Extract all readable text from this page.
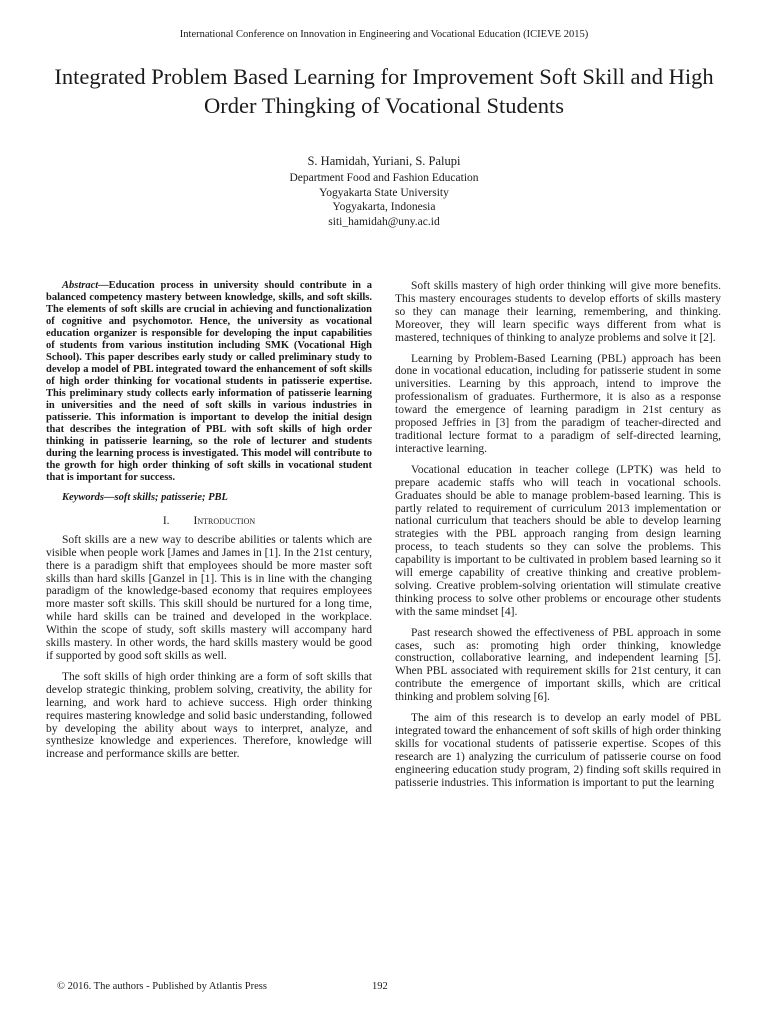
International Conference on Innovation in Engineering and Vocational Education (ICIEVE 2015)
Integrated Problem Based Learning for Improvement Soft Skill and High Order Thingking of Vocational Students
S. Hamidah, Yuriani, S. Palupi
Department Food and Fashion Education
Yogyakarta State University
Yogyakarta, Indonesia
siti_hamidah@uny.ac.id

Abstract—Education process in university should contribute in a balanced competency mastery between knowledge, skills, and soft skills. The elements of soft skills are crucial in achieving and functionalization of cognitive and psychomotor. Hence, the university as vocational education organizer is responsible for developing the input capabilities of students from various institution including SMK (Vocational High School). This paper describes early study or called preliminary study to develop a model of PBL integrated toward the enhancement of soft skills of high order thinking for vocational students in patisserie expertise. This preliminary study collects early information of patisserie learning in universities and the need of soft skills in various industries in patisserie. This information is important to develop the initial design that describes the integration of PBL with soft skills of high order thinking in patisserie learning, so the role of lecturer and students during the learning process is investigated. This model will contribute to the growth for high order thinking of soft skills in vocational student that is important for success.

Keywords—soft skills; patisserie; PBL

I. Introduction

Soft skills are a new way to describe abilities or talents which are visible when people work [James and James in [1]. In the 21st century, there is a paradigm shift that employees should be more master soft skills than hard skills [Ganzel in [1]. This is in line with the changing paradigm of the knowledge-based economy that requires employees more master soft skills. This skill should be nurtured for a long time, while hard skills can be trained and developed in the workplace. Within the scope of study, soft skills mastery will accompany hard skills mastery. In other words, the hard skills mastery would be good if supported by good soft skills as well.

The soft skills of high order thinking are a form of soft skills that develop strategic thinking, problem solving, creativity, the ability for learning, and work hard to achieve success. High order thinking requires mastering knowledge and solid basic understanding, followed by developing the ability about ways to interpret, analyze, and synthesize knowledge and experiences. Therefore, knowledge will increase and performance skills are better.

Soft skills mastery of high order thinking will give more benefits. This mastery encourages students to develop efforts of skills mastery so they can manage their learning, remembering, and thinking. Moreover, they will learn specific ways different from what is mastered, techniques of thinking to analyze problems and solve it [2].

Learning by Problem-Based Learning (PBL) approach has been done in vocational education, including for patisserie student in some universities. Learning by this approach, intend to improve the professionalism of graduates. Furthermore, it is also as a response toward the emergence of learning paradigm in 21st century as proposed Jeffries in [3] from the paradigm of teacher-directed and traditional lecture format to a paradigm of self-directed learning, interactive learning.

Vocational education in teacher college (LPTK) was held to prepare academic staffs who will teach in vocational schools. Graduates should be able to manage problem-based learning. This is partly related to requirement of curriculum 2013 implementation or national curriculum that teachers should be able to develop learning strategies with the PBL approach ranging from design learning process, to teach students so they can solve the problems. This capability is important to be cultivated in problem based learning so it will emerge capability of creative thinking and creative problem-solving. Creative problem-solving orientation will stimulate creative thinking process to solve other problems or encourage other students with the same mindset [4].

Past research showed the effectiveness of PBL approach in some cases, such as: promoting high order thinking, knowledge construction, collaborative learning, and independent learning [5]. When PBL associated with requirement skills for 21st century, it can contribute the emergence of important skills, which are critical thinking and problem solving [6].

The aim of this research is to develop an early model of PBL integrated toward the enhancement of soft skills of high order thinking skills for vocational students of patisserie expertise. Scopes of this research are 1) analyzing the curriculum of patisserie course on food engineering education study program, 2) finding soft skills required in patisserie industries. This information is important to put the learning

© 2016. The authors - Published by Atlantis Press	192
